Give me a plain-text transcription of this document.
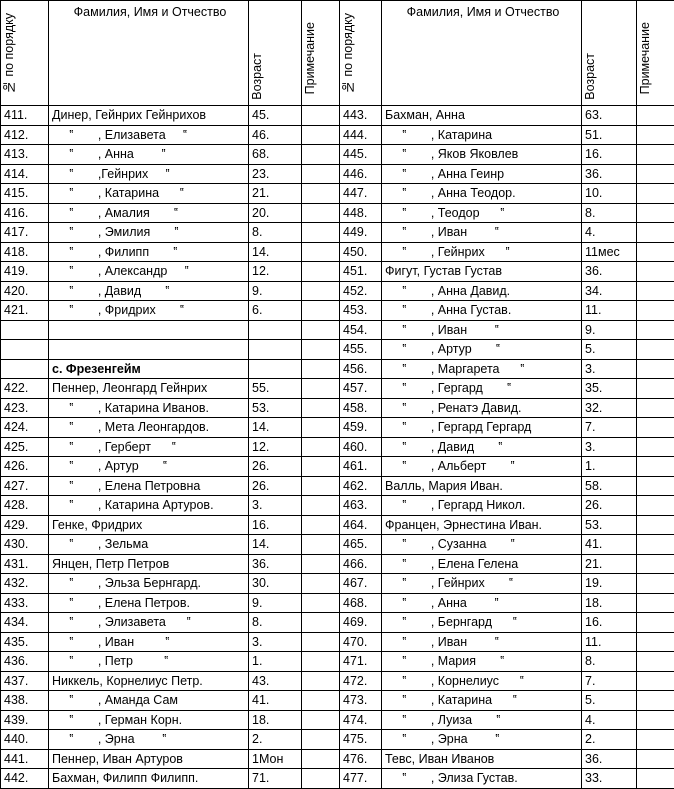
№ по порядку	Фамилия, Имя и Отчество	Возраст	Примечание	№ по порядку	Фамилия, Имя и Отчество	Возраст	Примечание
411.	Динер, Гейнрих Гейнрихов	45.		443.	Бахман, Анна	63.	
412.	‟       , Елизавета     ‟	46.		444.	‟       , Катарина	51.	
413.	‟       , Анна        ‟	68.		445.	‟       , Яков Яковлев	16.	
414.	‟       ,Гейнрих     ‟	23.		446.	‟       , Анна Геинр	36.	
415.	‟       , Катарина      ‟	21.		447.	‟       , Анна Теодор.	10.	
416.	‟       , Амалия       ‟	20.		448.	‟       , Теодор      ‟	8.	
417.	‟       , Эмилия       ‟	8.		449.	‟       , Иван        ‟	4.	
418.	‟       , Филипп       ‟	14.		450.	‟       , Гейнрих      ‟	11мес	
419.	‟       , Александр     ‟	12.		451.	Фигут, Густав Густав	36.	
420.	‟       , Давид       ‟	9.		452.	‟       , Анна Давид.	34.	
421.	‟       , Фридрих       ‟	6.		453.	‟       , Анна Густав.	11.	
				454.	‟       , Иван        ‟	9.	
				455.	‟       , Артур       ‟	5.	
	с. Фрезенгейм			456.	‟       , Маргарета      ‟	3.	
422.	Пеннер, Леонгард Гейнрих	55.		457.	‟       , Гергард       ‟	35.	
423.	‟       , Катарина Иванов.	53.		458.	‟       , Ренатэ Давид.	32.	
424.	‟       , Мета Леонгардов.	14.		459.	‟       , Гергард Гергард	7.	
425.	‟       , Герберт      ‟	12.		460.	‟       , Давид       ‟	3.	
426.	‟       , Артур       ‟	26.		461.	‟       , Альберт       ‟	1.	
427.	‟       , Елена Петровна	26.		462.	Валль, Мария Иван.	58.	
428.	‟       , Катарина Артуров.	3.		463.	‟       , Гергард Никол.	26.	
429.	Генке, Фридрих	16.		464.	Францен, Эрнестина Иван.	53.	
430.	‟       , Зельма	14.		465.	‟       , Сузанна       ‟	41.	
431.	Янцен, Петр Петров	36.		466.	‟       , Елена Гелена	21.	
432.	‟       , Эльза Бернгард.	30.		467.	‟       , Гейнрих       ‟	19.	
433.	‟       , Елена Петров.	9.		468.	‟       , Анна        ‟	18.	
434.	‟       , Элизавета      ‟	8.		469.	‟       , Бернгард      ‟	16.	
435.	‟       , Иван         ‟	3.		470.	‟       , Иван        ‟	11.	
436.	‟       , Петр         ‟	1.		471.	‟       , Мария       ‟	8.	
437.	Никкель, Корнелиус Петр.	43.		472.	‟       , Корнелиус      ‟	7.	
438.	‟       , Аманда Сам	41.		473.	‟       , Катарина      ‟	5.	
439.	‟       , Герман Корн.	18.		474.	‟       , Луиза       ‟	4.	
440.	‟       , Эрна        ‟	2.		475.	‟       , Эрна        ‟	2.	
441.	Пеннер, Иван Артуров	1Мон		476.	Тевс, Иван Иванов	36.	
442.	Бахман, Филипп Филипп.	71.		477.	‟       , Элиза Густав.	33.	
